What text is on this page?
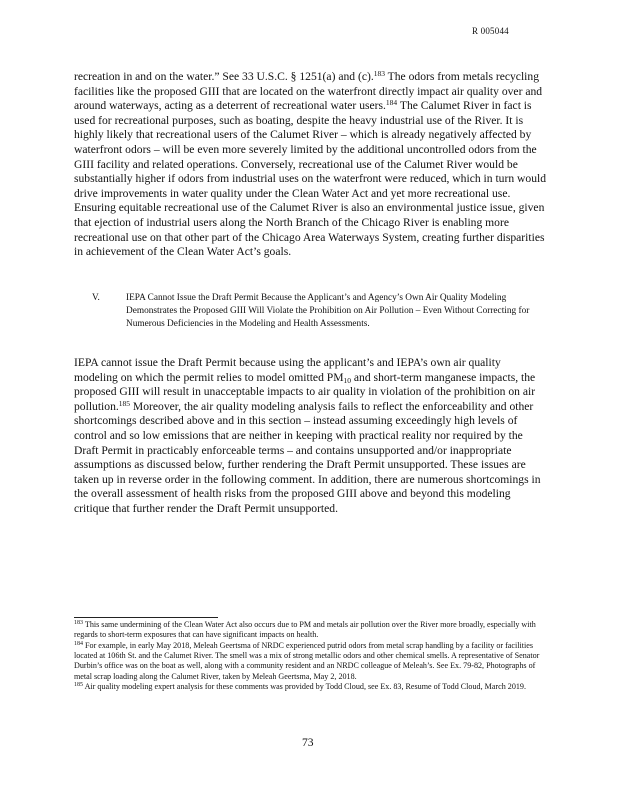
R 005044

recreation in and on the water.” See 33 U.S.C. § 1251(a) and (c).$^{183}$ The odors from metals recycling facilities like the proposed GIII that are located on the waterfront directly impact air quality over and around waterways, acting as a deterrent of recreational water users.$^{184}$ The Calumet River in fact is used for recreational purposes, such as boating, despite the heavy industrial use of the River. It is highly likely that recreational users of the Calumet River – which is already negatively affected by waterfront odors – will be even more severely limited by the additional uncontrolled odors from the GIII facility and related operations. Conversely, recreational use of the Calumet River would be substantially higher if odors from industrial uses on the waterfront were reduced, which in turn would drive improvements in water quality under the Clean Water Act and yet more recreational use. Ensuring equitable recreational use of the Calumet River is also an environmental justice issue, given that ejection of industrial users along the North Branch of the Chicago River is enabling more recreational use on that other part of the Chicago Area Waterways System, creating further disparities in achievement of the Clean Water Act’s goals.

V.	IEPA Cannot Issue the Draft Permit Because the Applicant’s and Agency’s Own Air Quality Modeling Demonstrates the Proposed GIII Will Violate the Prohibition on Air Pollution – Even Without Correcting for Numerous Deficiencies in the Modeling and Health Assessments.

IEPA cannot issue the Draft Permit because using the applicant’s and IEPA’s own air quality modeling on which the permit relies to model omitted $PM_{10}$ and short-term manganese impacts, the proposed GIII will result in unacceptable impacts to air quality in violation of the prohibition on air pollution.$^{185}$ Moreover, the air quality modeling analysis fails to reflect the enforceability and other shortcomings described above and in this section – instead assuming exceedingly high levels of control and so low emissions that are neither in keeping with practical reality nor required by the Draft Permit in practicably enforceable terms – and contains unsupported and/or inappropriate assumptions as discussed below, further rendering the Draft Permit unsupported. These issues are taken up in reverse order in the following comment. In addition, there are numerous shortcomings in the overall assessment of health risks from the proposed GIII above and beyond this modeling critique that further render the Draft Permit unsupported.

$^{183}$ This same undermining of the Clean Water Act also occurs due to PM and metals air pollution over the River more broadly, especially with regards to short-term exposures that can have significant impacts on health.

$^{184}$ For example, in early May 2018, Meleah Geertsma of NRDC experienced putrid odors from metal scrap handling by a facility or facilities located at 106th St. and the Calumet River. The smell was a mix of strong metallic odors and other chemical smells. A representative of Senator Durbin’s office was on the boat as well, along with a community resident and an NRDC colleague of Meleah’s. See Ex. 79-82, Photographs of metal scrap loading along the Calumet River, taken by Meleah Geertsma, May 2, 2018.

$^{185}$ Air quality modeling expert analysis for these comments was provided by Todd Cloud, see Ex. 83, Resume of Todd Cloud, March 2019.

73
